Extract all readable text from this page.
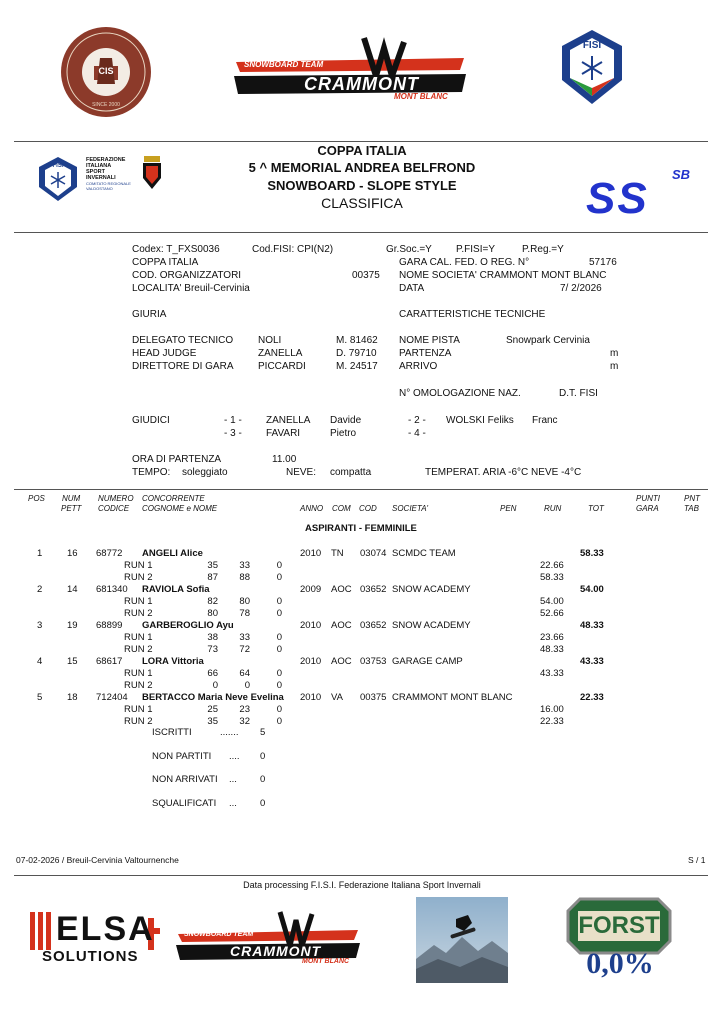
CIS
SINCE 2000
SNOWBOARD TEAM
CRAMMONT
MONT BLANC
FISI
FISI
FEDERAZIONE
ITALIANA
SPORT
INVERNALI
COMITATO REGIONALE
VALDOSTANO
COPPA ITALIA
5 ^ MEMORIAL ANDREA BELFROND
SNOWBOARD - SLOPE STYLE
CLASSIFICA	SS SB
Codex: T_FXS0036	Cod.FISI: CPI(N2)	Gr.Soc.=Y P.FISI=Y	P.Reg.=Y
COPPA ITALIA	GARA CAL. FED. O REG. N°	57176
COD. ORGANIZZATORI	00375 NOME SOCIETA' CRAMMONT MONT BLANC
LOCALITA' Breuil-Cervinia	DATA	7/ 2/2026
GIURIA	CARATTERISTICHE TECNICHE
DELEGATO TECNICO NOLI	M. 81462
HEAD JUDGE	ZANELLA	D. 79710
DIRETTORE DI GARA PICCARDI	M. 24517
NOME PISTA	Snowpark Cervinia
PARTENZA	m
ARRIVO	m
N° OMOLOGAZIONE NAZ.	D.T. FISI
GIUDICI	- 1 - ZANELLA Davide	- 2 - WOLSKI Feliks Franc
- 3 - FAVARI	Pietro	- 4 -
ORA DI PARTENZA	11.00
TEMPO: soleggiato	NEVE: compatta	TEMPERAT. ARIA -6°C NEVE -4°C
POS NUM
PETT
NUMERO
CODICE
CONCORRENTE
COGNOME e NOME	ANNO COM COD SOCIETA'	PEN	RUN	TOT
PUNTI
GARA
PNT
TAB
ASPIRANTI - FEMMINILE
1	16 68772 ANGELI Alice	2010 TN 03074 SCMDC TEAM	58.33
RUN 1	35	33	0	22.66
RUN 2	87	88	0	58.33
2	14 681340 RAVIOLA Sofia	2009 AOC 03652 SNOW ACADEMY	54.00
RUN 1	82	80	0	54.00
RUN 2	80	78	0	52.66
3	19 68899 GARBEROGLIO Ayu	2010 AOC 03652 SNOW ACADEMY	48.33
RUN 1	38	33	0	23.66
RUN 2	73	72	0	48.33
4	15 68617 LORA Vittoria	2010 AOC 03753 GARAGE CAMP	43.33
RUN 1	66	64	0	43.33
RUN 2	0	0	0
5	18 712404 BERTACCO Maria Neve Evelina 2010 VA 00375 CRAMMONT MONT BLANC	22.33
RUN 1	25	23	0	16.00
RUN 2	35	32	0	22.33
ISCRITTI	....... 5
NON PARTITI .... 0
NON ARRIVATI ... 0
SQUALIFICATI ... 0
07-02-2026 / Breuil-Cervinia Valtournenche	S / 1
Data processing F.I.S.I. Federazione Italiana Sport Invernali
ELSA
SOLUTIONS
SNOWBOARD TEAM
CRAMMONT
MONT BLANC
FORST
0,0%
